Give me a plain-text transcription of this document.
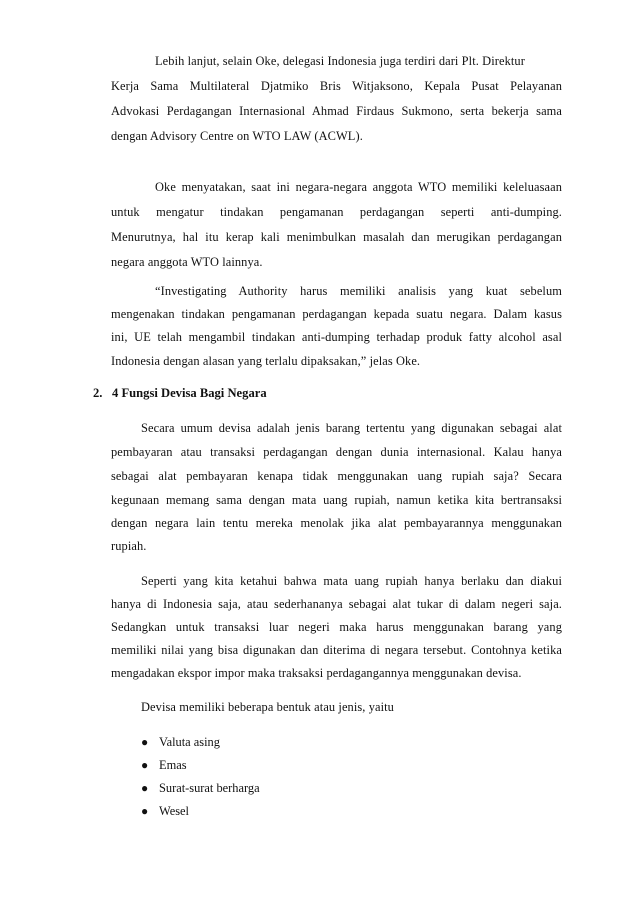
Lebih lanjut, selain Oke, delegasi Indonesia juga terdiri dari Plt. Direktur
Kerja Sama Multilateral Djatmiko Bris Witjaksono, Kepala Pusat Pelayanan
Advokasi Perdagangan Internasional Ahmad Firdaus Sukmono, serta bekerja sama
dengan Advisory Centre on WTO LAW (ACWL).
Oke menyatakan, saat ini negara-negara anggota WTO memiliki keleluasaan
untuk mengatur tindakan pengamanan perdagangan seperti anti-dumping.
Menurutnya, hal itu kerap kali menimbulkan masalah dan merugikan perdagangan
negara anggota WTO lainnya.
“Investigating Authority harus memiliki analisis yang kuat sebelum
mengenakan tindakan pengamanan perdagangan kepada suatu negara. Dalam kasus
ini, UE telah mengambil tindakan anti-dumping terhadap produk fatty alcohol asal
Indonesia dengan alasan yang terlalu dipaksakan,” jelas Oke.
2. 4 Fungsi Devisa Bagi Negara
Secara umum devisa adalah jenis barang tertentu yang digunakan sebagai alat
pembayaran atau transaksi perdagangan dengan dunia internasional. Kalau hanya
sebagai alat pembayaran kenapa tidak menggunakan uang rupiah saja? Secara
kegunaan memang sama dengan mata uang rupiah, namun ketika kita bertransaksi
dengan negara lain tentu mereka menolak jika alat pembayarannya menggunakan
rupiah.
Seperti yang kita ketahui bahwa mata uang rupiah hanya berlaku dan diakui
hanya di Indonesia saja, atau sederhananya sebagai alat tukar di dalam negeri saja.
Sedangkan untuk transaksi luar negeri maka harus menggunakan barang yang
memiliki nilai yang bisa digunakan dan diterima di negara tersebut. Contohnya ketika
mengadakan ekspor impor maka traksaksi perdagangannya menggunakan devisa.
Devisa memiliki beberapa bentuk atau jenis, yaitu
● Valuta asing
● Emas
● Surat-surat berharga
● Wesel
